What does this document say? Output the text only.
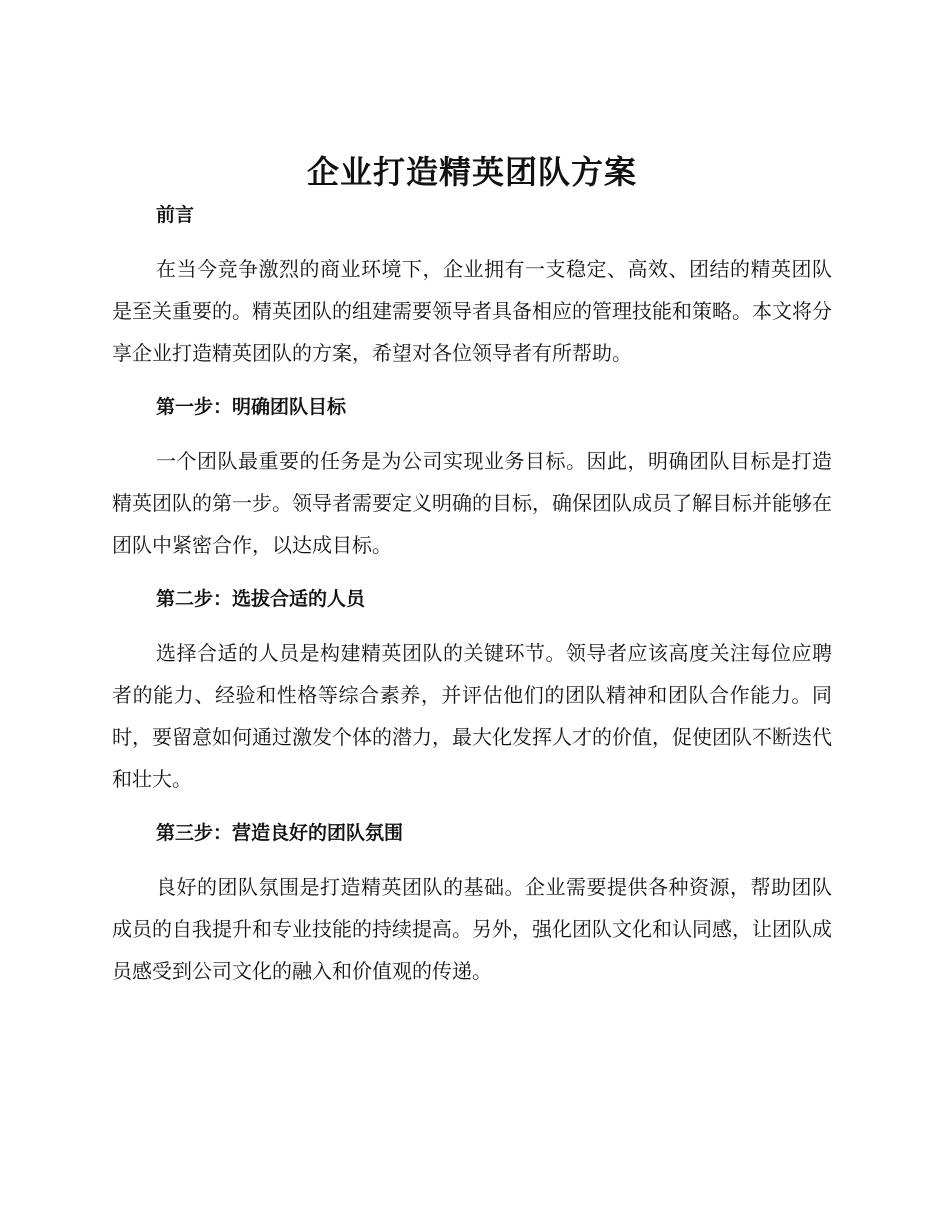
企业打造精英团队方案

前言

在当今竞争激烈的商业环境下，企业拥有一支稳定、高效、团结的精英团队是至关重要的。精英团队的组建需要领导者具备相应的管理技能和策略。本文将分享企业打造精英团队的方案，希望对各位领导者有所帮助。

第一步：明确团队目标

一个团队最重要的任务是为公司实现业务目标。因此，明确团队目标是打造精英团队的第一步。领导者需要定义明确的目标，确保团队成员了解目标并能够在团队中紧密合作，以达成目标。

第二步：选拔合适的人员

选择合适的人员是构建精英团队的关键环节。领导者应该高度关注每位应聘者的能力、经验和性格等综合素养，并评估他们的团队精神和团队合作能力。同时，要留意如何通过激发个体的潜力，最大化发挥人才的价值，促使团队不断迭代和壮大。

第三步：营造良好的团队氛围

良好的团队氛围是打造精英团队的基础。企业需要提供各种资源，帮助团队成员的自我提升和专业技能的持续提高。另外，强化团队文化和认同感，让团队成员感受到公司文化的融入和价值观的传递。
